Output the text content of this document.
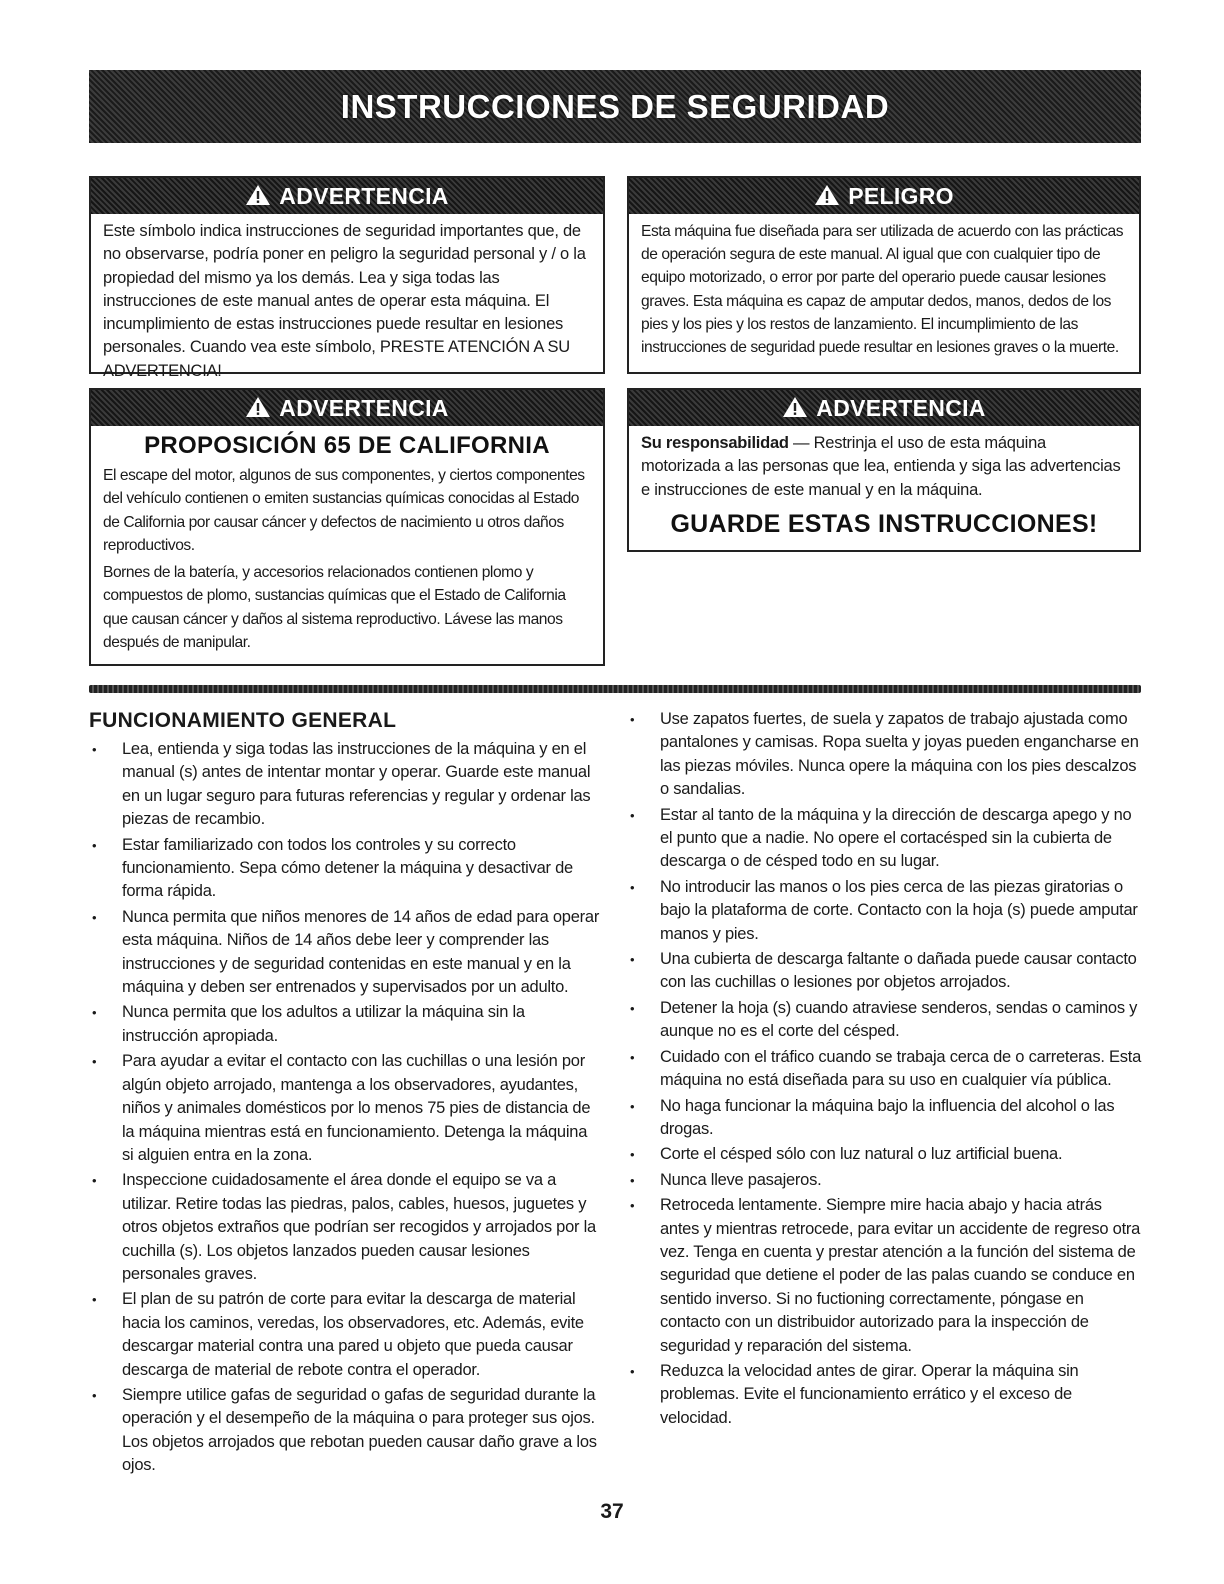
INSTRUCCIONES DE SEGURIDAD
ADVERTENCIA

Este símbolo indica instrucciones de seguridad importantes que, de no observarse, podría poner en peligro la seguridad personal y / o la propiedad del mismo ya los demás. Lea y siga todas las instrucciones de este manual antes de operar esta máquina. El incumplimiento de estas instrucciones puede resultar en lesiones personales. Cuando vea este símbolo, PRESTE ATENCIÓN A SU ADVERTENCIA!

PELIGRO

Esta máquina fue diseñada para ser utilizada de acuerdo con las prácticas de operación segura de este manual. Al igual que con cualquier tipo de equipo motorizado, o error por parte del operario puede causar lesiones graves. Esta máquina es capaz de amputar dedos, manos, dedos de los pies y los pies y los restos de lanzamiento. El incumplimiento de las instrucciones de seguridad puede resultar en lesiones graves o la muerte.

ADVERTENCIA
PROPOSICIÓN 65 DE CALIFORNIA

El escape del motor, algunos de sus componentes, y ciertos componentes del vehículo contienen o emiten sustancias químicas conocidas al Estado de California por causar cáncer y defectos de nacimiento u otros daños reproductivos.

Bornes de la batería, y accesorios relacionados contienen plomo y compuestos de plomo, sustancias químicas que el Estado de California que causan cáncer y daños al sistema reproductivo. Lávese las manos después de manipular.

ADVERTENCIA

Su responsabilidad — Restrinja el uso de esta máquina motorizada a las personas que lea, entienda y siga las advertencias e instrucciones de este manual y en la máquina.

GUARDE ESTAS INSTRUCCIONES!
FUNCIONAMIENTO GENERAL
• Lea, entienda y siga todas las instrucciones de la máquina y en el manual (s) antes de intentar montar y operar. Guarde este manual en un lugar seguro para futuras referencias y regular y ordenar las piezas de recambio.
• Estar familiarizado con todos los controles y su correcto funcionamiento. Sepa cómo detener la máquina y desactivar de forma rápida.
• Nunca permita que niños menores de 14 años de edad para operar esta máquina. Niños de 14 años debe leer y comprender las instrucciones y de seguridad contenidas en este manual y en la máquina y deben ser entrenados y supervisados por un adulto.
• Nunca permita que los adultos a utilizar la máquina sin la instrucción apropiada.
• Para ayudar a evitar el contacto con las cuchillas o una lesión por algún objeto arrojado, mantenga a los observadores, ayudantes, niños y animales domésticos por lo menos 75 pies de distancia de la máquina mientras está en funcionamiento. Detenga la máquina si alguien entra en la zona.
• Inspeccione cuidadosamente el área donde el equipo se va a utilizar. Retire todas las piedras, palos, cables, huesos, juguetes y otros objetos extraños que podrían ser recogidos y arrojados por la cuchilla (s). Los objetos lanzados pueden causar lesiones personales graves.
• El plan de su patrón de corte para evitar la descarga de material hacia los caminos, veredas, los observadores, etc. Además, evite descargar material contra una pared u objeto que pueda causar descarga de material de rebote contra el operador.
• Siempre utilice gafas de seguridad o gafas de seguridad durante la operación y el desempeño de la máquina o para proteger sus ojos. Los objetos arrojados que rebotan pueden causar daño grave a los ojos.
• Use zapatos fuertes, de suela y zapatos de trabajo ajustada como pantalones y camisas. Ropa suelta y joyas pueden engancharse en las piezas móviles. Nunca opere la máquina con los pies descalzos o sandalias.
• Estar al tanto de la máquina y la dirección de descarga apego y no el punto que a nadie. No opere el cortacésped sin la cubierta de descarga o de césped todo en su lugar.
• No introducir las manos o los pies cerca de las piezas giratorias o bajo la plataforma de corte. Contacto con la hoja (s) puede amputar manos y pies.
• Una cubierta de descarga faltante o dañada puede causar contacto con las cuchillas o lesiones por objetos arrojados.
• Detener la hoja (s) cuando atraviese senderos, sendas o caminos y aunque no es el corte del césped.
• Cuidado con el tráfico cuando se trabaja cerca de o carreteras. Esta máquina no está diseñada para su uso en cualquier vía pública.
• No haga funcionar la máquina bajo la influencia del alcohol o las drogas.
• Corte el césped sólo con luz natural o luz artificial buena.
• Nunca lleve pasajeros.
• Retroceda lentamente. Siempre mire hacia abajo y hacia atrás antes y mientras retrocede, para evitar un accidente de regreso otra vez. Tenga en cuenta y prestar atención a la función del sistema de seguridad que detiene el poder de las palas cuando se conduce en sentido inverso. Si no fuctioning correctamente, póngase en contacto con un distribuidor autorizado para la inspección de seguridad y reparación del sistema.
• Reduzca la velocidad antes de girar. Operar la máquina sin problemas. Evite el funcionamiento errático y el exceso de velocidad.
37
